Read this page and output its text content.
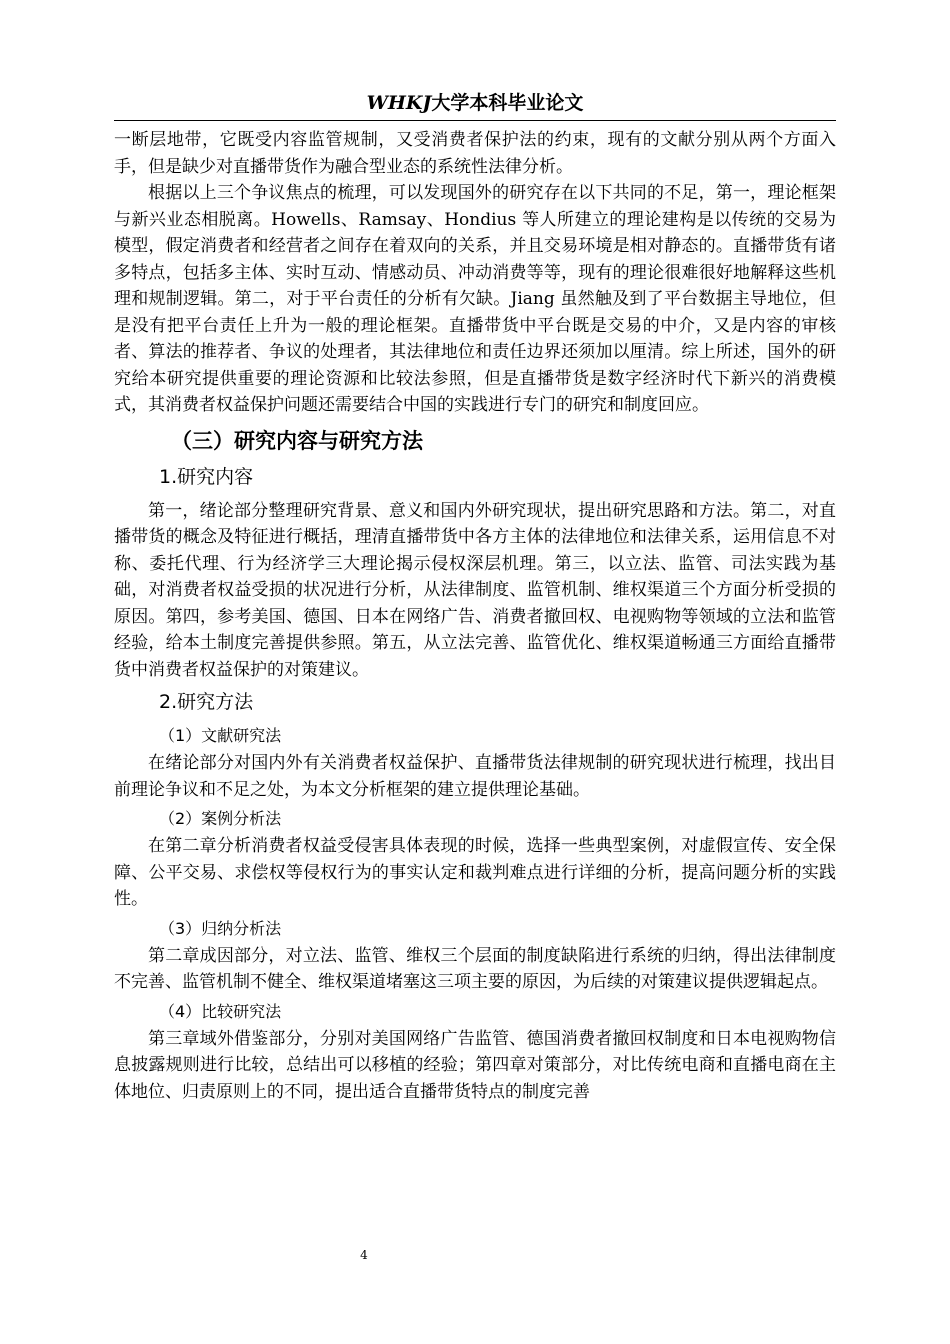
WHKJ大学本科毕业论文

一断层地带，它既受内容监管规制，又受消费者保护法的约束，现有的文献分别从两个方面入手，但是缺少对直播带货作为融合型业态的系统性法律分析。

根据以上三个争议焦点的梳理，可以发现国外的研究存在以下共同的不足，第一，理论框架与新兴业态相脱离。Howells、Ramsay、Hondius 等人所建立的理论建构是以传统的交易为模型，假定消费者和经营者之间存在着双向的关系，并且交易环境是相对静态的。直播带货有诸多特点，包括多主体、实时互动、情感动员、冲动消费等等，现有的理论很难很好地解释这些机理和规制逻辑。第二，对于平台责任的分析有欠缺。Jiang 虽然触及到了平台数据主导地位，但是没有把平台责任上升为一般的理论框架。直播带货中平台既是交易的中介，又是内容的审核者、算法的推荐者、争议的处理者，其法律地位和责任边界还须加以厘清。综上所述，国外的研究给本研究提供重要的理论资源和比较法参照，但是直播带货是数字经济时代下新兴的消费模式，其消费者权益保护问题还需要结合中国的实践进行专门的研究和制度回应。

（三）研究内容与研究方法
1.研究内容

第一，绪论部分整理研究背景、意义和国内外研究现状，提出研究思路和方法。第二，对直播带货的概念及特征进行概括，理清直播带货中各方主体的法律地位和法律关系，运用信息不对称、委托代理、行为经济学三大理论揭示侵权深层机理。第三，以立法、监管、司法实践为基础，对消费者权益受损的状况进行分析，从法律制度、监管机制、维权渠道三个方面分析受损的原因。第四，参考美国、德国、日本在网络广告、消费者撤回权、电视购物等领域的立法和监管经验，给本土制度完善提供参照。第五，从立法完善、监管优化、维权渠道畅通三方面给直播带货中消费者权益保护的对策建议。

2.研究方法
（1）文献研究法

在绪论部分对国内外有关消费者权益保护、直播带货法律规制的研究现状进行梳理，找出目前理论争议和不足之处，为本文分析框架的建立提供理论基础。

（2）案例分析法

在第二章分析消费者权益受侵害具体表现的时候，选择一些典型案例，对虚假宣传、安全保障、公平交易、求偿权等侵权行为的事实认定和裁判难点进行详细的分析，提高问题分析的实践性。

（3）归纳分析法

第二章成因部分，对立法、监管、维权三个层面的制度缺陷进行系统的归纳，得出法律制度不完善、监管机制不健全、维权渠道堵塞这三项主要的原因，为后续的对策建议提供逻辑起点。

（4）比较研究法

第三章域外借鉴部分，分别对美国网络广告监管、德国消费者撤回权制度和日本电视购物信息披露规则进行比较，总结出可以移植的经验；第四章对策部分，对比传统电商和直播电商在主体地位、归责原则上的不同，提出适合直播带货特点的制度完善

4
